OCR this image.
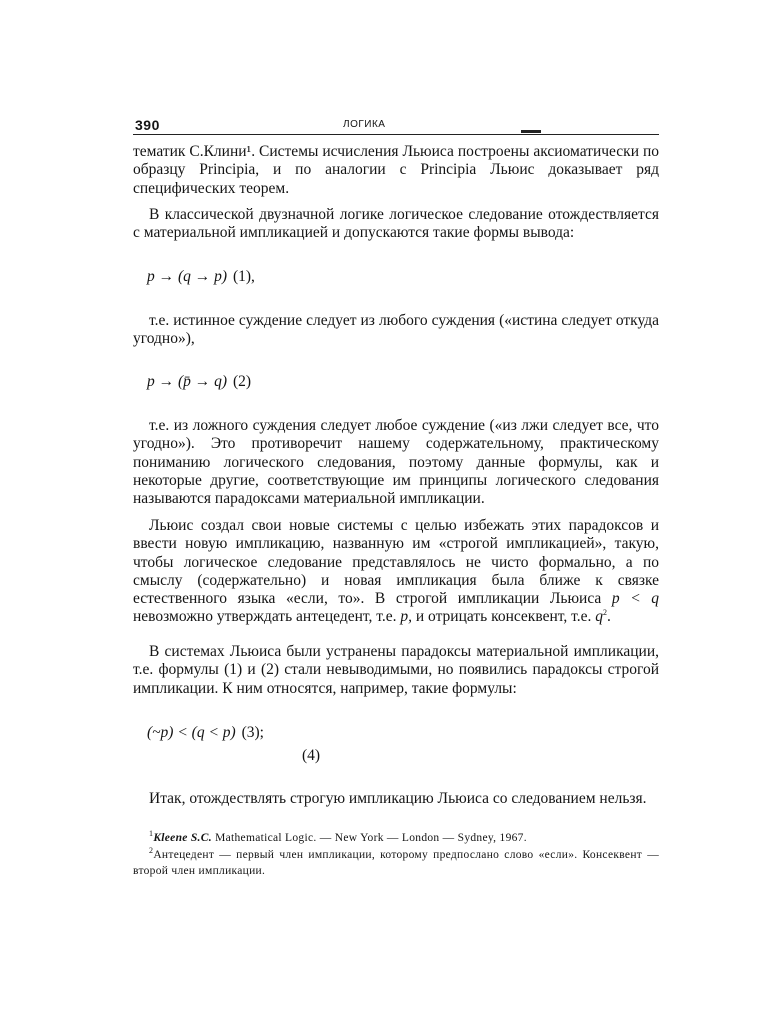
390	ЛОГИКА

тематик С.Клини¹. Системы исчисления Льюиса построены аксиоматически по образцу Principia, и по аналогии с Principia Льюис доказывает ряд специфических теорем.

В классической двузначной логике логическое следование отождествляется с материальной импликацией и допускаются такие формы вывода:

p → (q → p) (1),

т.е. истинное суждение следует из любого суждения («истина следует откуда угодно»),

p → (p̄ → q) (2)

т.е. из ложного суждения следует любое суждение («из лжи следует все, что угодно»). Это противоречит нашему содержательному, практическому пониманию логического следования, поэтому данные формулы, как и некоторые другие, соответствующие им принципы логического следования называются парадоксами материальной импликации.

Льюис создал свои новые системы с целью избежать этих парадоксов и ввести новую импликацию, названную им «строгой импликацией», такую, чтобы логическое следование представлялось не чисто формально, а по смыслу (содержательно) и новая импликация была ближе к связке естественного языка «если, то». В строгой импликации Льюиса p < q невозможно утверждать антецедент, т.е. p, и отрицать консеквент, т.е. $q^2$.

В системах Льюиса были устранены парадоксы материальной импликации, т.е. формулы (1) и (2) стали невыводимыми, но появились парадоксы строгой импликации. К ним относятся, например, такие формулы:

(~p) < (q < p) (3);
(4)

Итак, отождествлять строгую импликацию Льюиса со следованием нельзя.

$^1$Kleene S.C. Mathematical Logic. — New York — London — Sydney, 1967.

$^2$Антецедент — первый член импликации, которому предпослано слово «если». Консеквент — второй член импликации.
